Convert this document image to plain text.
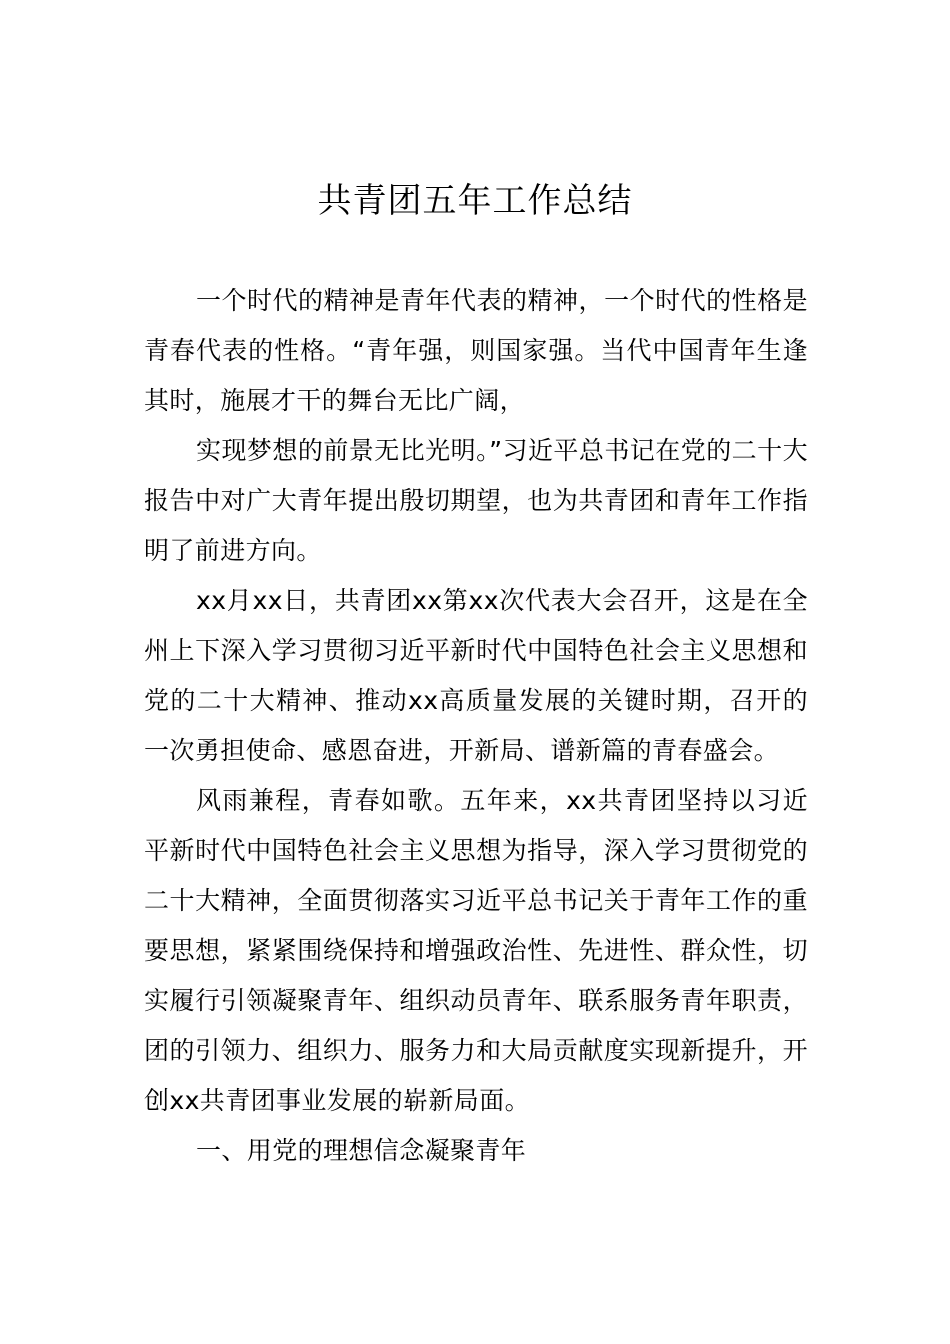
共青团五年工作总结

一个时代的精神是青年代表的精神，一个时代的性格是青春代表的性格。“青年强，则国家强。当代中国青年生逢其时，施展才干的舞台无比广阔，

实现梦想的前景无比光明。”习近平总书记在党的二十大报告中对广大青年提出殷切期望，也为共青团和青年工作指明了前进方向。

xx月xx日，共青团xx第xx次代表大会召开，这是在全州上下深入学习贯彻习近平新时代中国特色社会主义思想和党的二十大精神、推动xx高质量发展的关键时期，召开的一次勇担使命、感恩奋进，开新局、谱新篇的青春盛会。

风雨兼程，青春如歌。五年来，xx共青团坚持以习近平新时代中国特色社会主义思想为指导，深入学习贯彻党的二十大精神，全面贯彻落实习近平总书记关于青年工作的重要思想，紧紧围绕保持和增强政治性、先进性、群众性，切实履行引领凝聚青年、组织动员青年、联系服务青年职责，团的引领力、组织力、服务力和大局贡献度实现新提升，开创xx共青团事业发展的崭新局面。

一、用党的理想信念凝聚青年
